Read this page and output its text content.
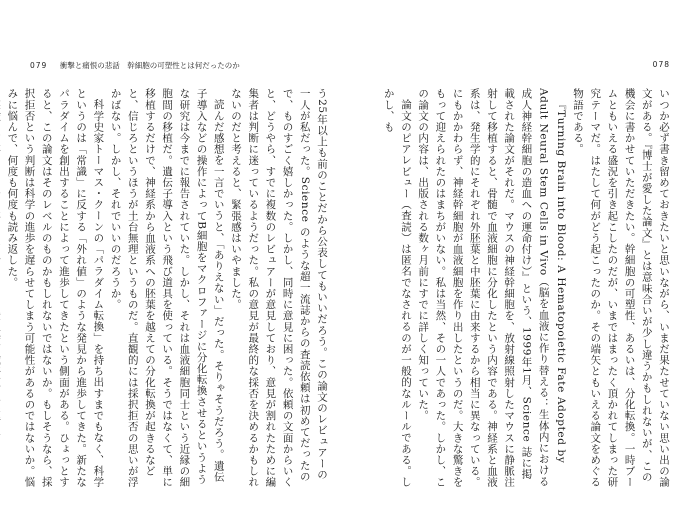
079 衝撃と痛恨の悲話　幹細胞の可塑性とは何だったのか

う25年以上も前のことだから公表してもいいだろう。この論文のレビュアーの一人が私だった。Science のような超一流誌からの査読依頼は初めてだったので、ものすごく嬉しかった。しかし、同時に意見に困った。依頼の文面からいくと、どうやら、すでに複数のレビュアーが意見しており、意見が割れたために編集者は判断に迷っているようだった。私の意見が最終的な採否を決めるかもしれないのだと考えると、緊張感はいやました。

読んだ感想を一言でいうと、「ありえない」だった。そりゃそうだろう。遺伝子導入などの操作によってB細胞をマクロファージに分化転換させるというような研究は今までに報告されていた。しかし、それは血液細胞同士という近縁の細胞間の移植だ。遺伝子導入という飛び道具を使っている。そうではなくて、単に移植するだけで、神経系から血液系への胚葉を越えての分化転換が起きるなどと、信じろというほうが土台無理というものだ。直観的には採択拒否の思いが浮かばない。しかし、それでいいのだろうか。

科学史家トーマス・クーンの「パラダイム転換」を持ち出すまでもなく、科学というのは「常識」に反する「外れ値」のような発見から進歩してきた。新たなパラダイムを創出することによって進歩してきたという側面がある。ひょっとすると、この論文はそのレベルのものかもしれないではないか。もしそうなら、採択拒否という判断は科学の進歩を遅らせてしまう可能性があるのではないか。悩みに悩んで、何度も何度も読み返した。

078

いつか必ず書き留めておきたいと思いながら、いまだ果たせていない思い出の論文がある。『博士が愛した論文』とは意味合いが少し違うかもしれないが、この機会に書かせていただきたい。幹細胞の可塑性、あるいは、分化転換。一時ブームともいえる盛況を引き起こしたのだが、いまではまったく頂かれてしまった研究テーマだ。はたして何がどう起こったのか。その端矢ともいえる論文をめぐる物語である。

『Turning Brain into Blood: A Hematopoietic Fate Adopted by Adult Neural Stem Cells in Vivo（脳を血液に作り替える：生体内における成人神経幹細胞の造血への運命付け）』という、1999年1月、Science 誌に掲載された論文がそれだ。マウスの神経幹細胞を、放射線照射したマウスに静脈注射して移植すると、骨髄で血液細胞に分化したという内容である。神経系と血液系は、発生学的にそれぞれ外胚葉と中胚葉に由来するから相当に異なっている。にもかかわらず、神経幹細胞が血液細胞を作り出したというのだ。大きな驚きをもって迎えられたのはまちがいない。私は当然、その一人であった。しかし、この論文の内容は、出版される数ヶ月前にすでに詳しく知っていた。

論文のピアレビュー（査読）は匿名でなされるのが一般的なルールである。しかし、も
